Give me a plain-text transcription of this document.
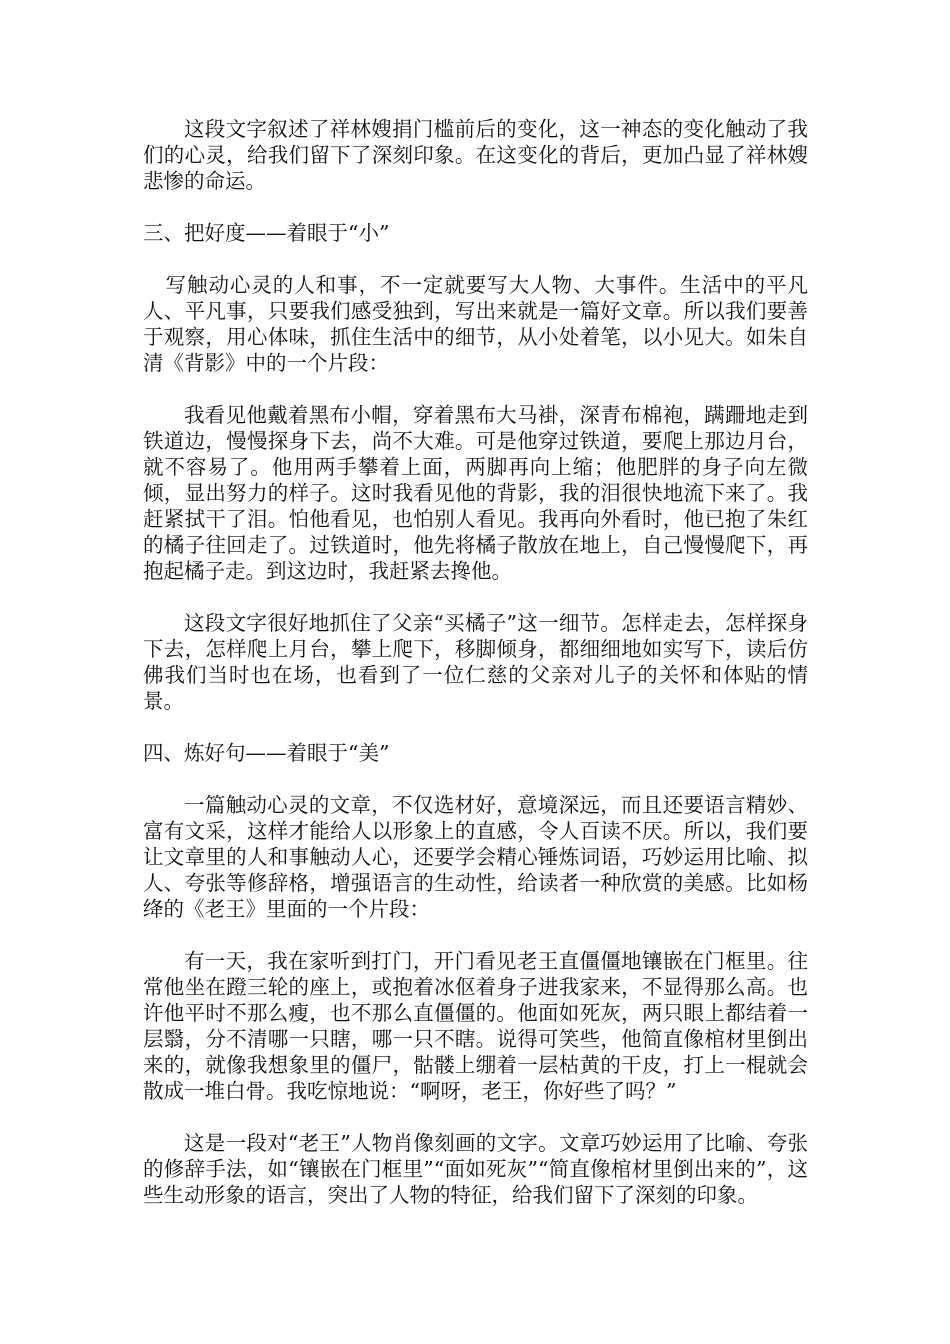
这段文字叙述了祥林嫂捐门槛前后的变化，这一神态的变化触动了我们的心灵，给我们留下了深刻印象。在这变化的背后，更加凸显了祥林嫂悲惨的命运。

三、把好度——着眼于“小”

写触动心灵的人和事，不一定就要写大人物、大事件。生活中的平凡人、平凡事，只要我们感受独到，写出来就是一篇好文章。所以我们要善于观察，用心体味，抓住生活中的细节，从小处着笔，以小见大。如朱自清《背影》中的一个片段：

我看见他戴着黑布小帽，穿着黑布大马褂，深青布棉袍，蹒跚地走到铁道边，慢慢探身下去，尚不大难。可是他穿过铁道，要爬上那边月台，就不容易了。他用两手攀着上面，两脚再向上缩；他肥胖的身子向左微倾，显出努力的样子。这时我看见他的背影，我的泪很快地流下来了。我赶紧拭干了泪。怕他看见，也怕别人看见。我再向外看时，他已抱了朱红的橘子往回走了。过铁道时，他先将橘子散放在地上，自己慢慢爬下，再抱起橘子走。到这边时，我赶紧去搀他。

这段文字很好地抓住了父亲“买橘子”这一细节。怎样走去，怎样探身下去，怎样爬上月台，攀上爬下，移脚倾身，都细细地如实写下，读后仿佛我们当时也在场，也看到了一位仁慈的父亲对儿子的关怀和体贴的情景。

四、炼好句——着眼于“美”

一篇触动心灵的文章，不仅选材好，意境深远，而且还要语言精妙、富有文采，这样才能给人以形象上的直感，令人百读不厌。所以，我们要让文章里的人和事触动人心，还要学会精心锤炼词语，巧妙运用比喻、拟人、夸张等修辞格，增强语言的生动性，给读者一种欣赏的美感。比如杨绛的《老王》里面的一个片段：

有一天，我在家听到打门，开门看见老王直僵僵地镶嵌在门框里。往常他坐在蹬三轮的座上，或抱着冰伛着身子进我家来，不显得那么高。也许他平时不那么瘦，也不那么直僵僵的。他面如死灰，两只眼上都结着一层翳，分不清哪一只瞎，哪一只不瞎。说得可笑些，他简直像棺材里倒出来的，就像我想象里的僵尸，骷髅上绷着一层枯黄的干皮，打上一棍就会散成一堆白骨。我吃惊地说：“啊呀，老王，你好些了吗？”

这是一段对“老王”人物肖像刻画的文字。文章巧妙运用了比喻、夸张的修辞手法，如“镶嵌在门框里”“面如死灰”“简直像棺材里倒出来的”，这些生动形象的语言，突出了人物的特征，给我们留下了深刻的印象。
